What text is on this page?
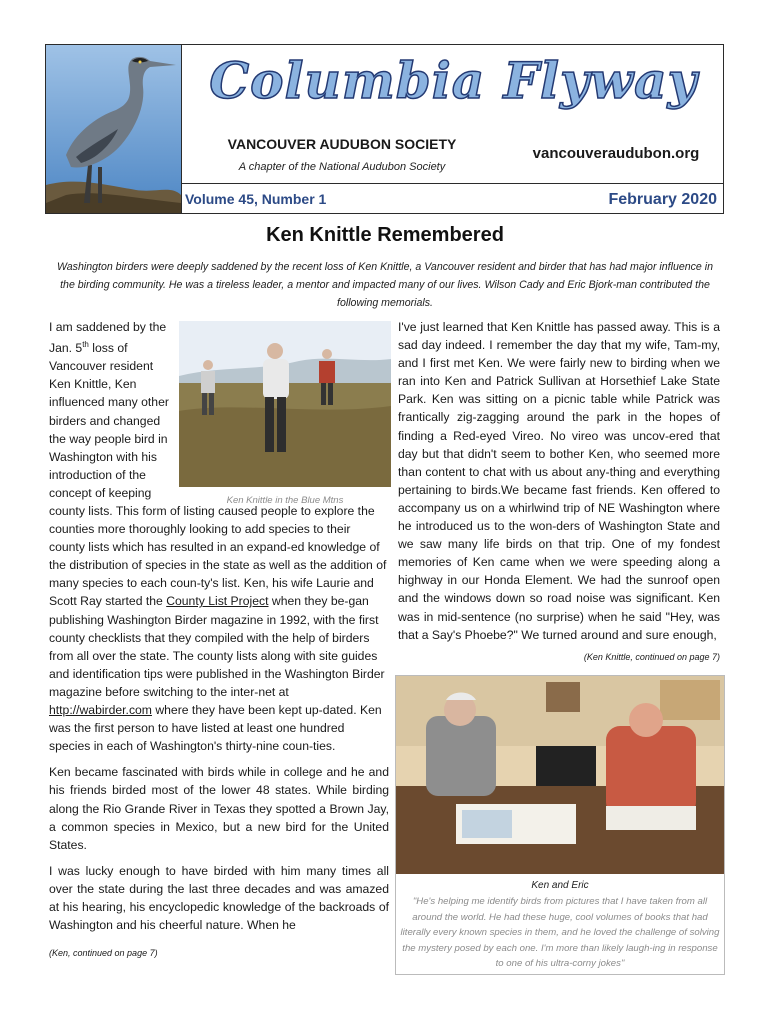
Columbia Flyway
VANCOUVER AUDUBON SOCIETY
A chapter of the National Audubon Society
vancouveraudubon.org
Volume 45, Number 1	February 2020
Ken Knittle Remembered
Washington birders were deeply saddened by the recent loss of Ken Knittle, a Vancouver resident and birder that has had major influence in the birding community. He was a tireless leader, a mentor and impacted many of our lives. Wilson Cady and Eric Bjork-man contributed the following memorials.

Ken Knittle in the Blue Mtns
I am saddened by the Jan. 5th loss of Vancouver resident Ken Knittle, Ken influenced many other birders and changed the way people bird in Washington with his introduction of the concept of keeping county lists. This form of listing caused people to explore the counties more thoroughly looking to add species to their county lists which has resulted in an expand-ed knowledge of the distribution of species in the state as well as the addition of many species to each coun-ty's list. Ken, his wife Laurie and Scott Ray started the County List Project when they be-gan publishing Washington Birder magazine in 1992, with the first county checklists that they compiled with the help of birders from all over the state. The county lists along with site guides and identification tips were published in the Washington Birder magazine before switching to the inter-net at http://wabirder.com where they have been kept up-dated. Ken was the first person to have listed at least one hundred species in each of Washington's thirty-nine coun-ties.

Ken became fascinated with birds while in college and he and his friends birded most of the lower 48 states. While birding along the Rio Grande River in Texas they spotted a Brown Jay, a common species in Mexico, but a new bird for the United States.

I was lucky enough to have birded with him many times all over the state during the last three decades and was amazed at his hearing, his encyclopedic knowledge of the backroads of Washington and his cheerful nature. When he

(Ken, continued on page 7)

I've just learned that Ken Knittle has passed away. This is a sad day indeed. I remember the day that my wife, Tam-my, and I first met Ken. We were fairly new to birding when we ran into Ken and Patrick Sullivan at Horsethief Lake State Park. Ken was sitting on a picnic table while Patrick was frantically zig-zagging around the park in the hopes of finding a Red-eyed Vireo. No vireo was uncov-ered that day but that didn't seem to bother Ken, who seemed more than content to chat with us about any-thing and everything pertaining to birds.We became fast friends. Ken offered to accompany us on a whirlwind trip of NE Washington where he introduced us to the won-ders of Washington State and we saw many life birds on that trip. One of my fondest memories of Ken came when we were speeding along a highway in our Honda Element. We had the sunroof open and the windows down so road noise was significant. Ken was in mid-sentence (no surprise) when he said "Hey, was that a Say's Phoebe?" We turned around and sure enough,

(Ken Knittle, continued on page 7)

Ken and Eric
"He's helping me identify birds from pictures that I have taken from all around the world. He had these huge, cool volumes of books that had literally every known species in them, and he loved the challenge of solving the mystery posed by each one. I'm more than likely laugh-ing in response to one of his ultra-corny jokes"
